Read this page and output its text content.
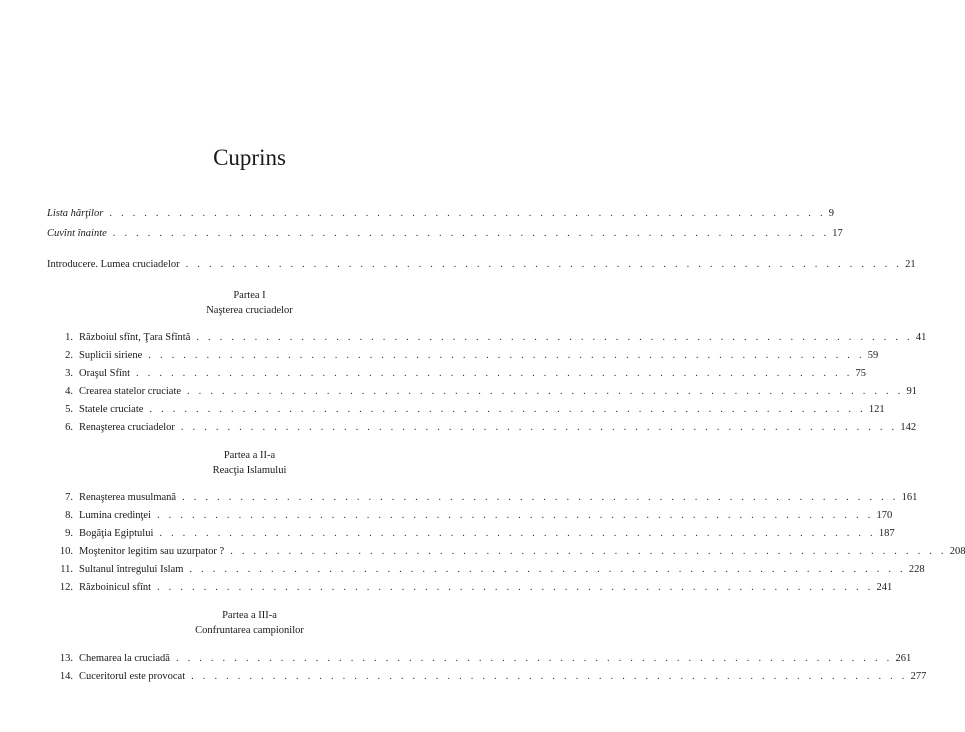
Cuprins
Lista hărţilor . . . . . . . . . . . . . . . . . . . . . . . . . . . . . . . . . . . . . . . . . . . . . . . . . . . . . . . . . . . . . . 9
Cuvînt înainte . . . . . . . . . . . . . . . . . . . . . . . . . . . . . . . . . . . . . . . . . . . . . . . . . . . . . . . . . . . . . . 17
Introducere. Lumea cruciadelor . . . . . . . . . . . . . . . . . . . . . . . . . . . . . . . . . . . . . . . . . . . . . . . . . . . . . . . . . . . . . . 21
Partea I
Naşterea cruciadelor
1. Războiul sfînt, Ţara Sfîntă . . . . . . . . . . . . . . . . . . . . . . . . . . . . . . . . . . . . . . . . . . . . . . . . . . . . . . . . . . . . . . 41
2. Suplicii siriene . . . . . . . . . . . . . . . . . . . . . . . . . . . . . . . . . . . . . . . . . . . . . . . . . . . . . . . . . . . . . . 59
3. Oraşul Sfînt . . . . . . . . . . . . . . . . . . . . . . . . . . . . . . . . . . . . . . . . . . . . . . . . . . . . . . . . . . . . . . 75
4. Crearea statelor cruciate . . . . . . . . . . . . . . . . . . . . . . . . . . . . . . . . . . . . . . . . . . . . . . . . . . . . . . . . . . . . . . 91
5. Statele cruciate . . . . . . . . . . . . . . . . . . . . . . . . . . . . . . . . . . . . . . . . . . . . . . . . . . . . . . . . . . . . . . 121
6. Renaşterea cruciadelor . . . . . . . . . . . . . . . . . . . . . . . . . . . . . . . . . . . . . . . . . . . . . . . . . . . . . . . . . . . . . . 142
Partea a II-a
Reacţia Islamului
7. Renaşterea musulmană . . . . . . . . . . . . . . . . . . . . . . . . . . . . . . . . . . . . . . . . . . . . . . . . . . . . . . . . . . . . . . 161
8. Lumina credinţei . . . . . . . . . . . . . . . . . . . . . . . . . . . . . . . . . . . . . . . . . . . . . . . . . . . . . . . . . . . . . . 170
9. Bogăţia Egiptului . . . . . . . . . . . . . . . . . . . . . . . . . . . . . . . . . . . . . . . . . . . . . . . . . . . . . . . . . . . . . . 187
10. Moştenitor legitim sau uzurpator ? . . . . . . . . . . . . . . . . . . . . . . . . . . . . . . . . . . . . . . . . . . . . . . . . . . . . . . . . . . . . . . 208
11. Sultanul întregului Islam . . . . . . . . . . . . . . . . . . . . . . . . . . . . . . . . . . . . . . . . . . . . . . . . . . . . . . . . . . . . . . 228
12. Războinicul sfînt . . . . . . . . . . . . . . . . . . . . . . . . . . . . . . . . . . . . . . . . . . . . . . . . . . . . . . . . . . . . . . 241
Partea a III-a
Confruntarea campionilor
13. Chemarea la cruciadă . . . . . . . . . . . . . . . . . . . . . . . . . . . . . . . . . . . . . . . . . . . . . . . . . . . . . . . . . . . . . . 261
14. Cuceritorul este provocat . . . . . . . . . . . . . . . . . . . . . . . . . . . . . . . . . . . . . . . . . . . . . . . . . . . . . . . . . . . . . . 277
